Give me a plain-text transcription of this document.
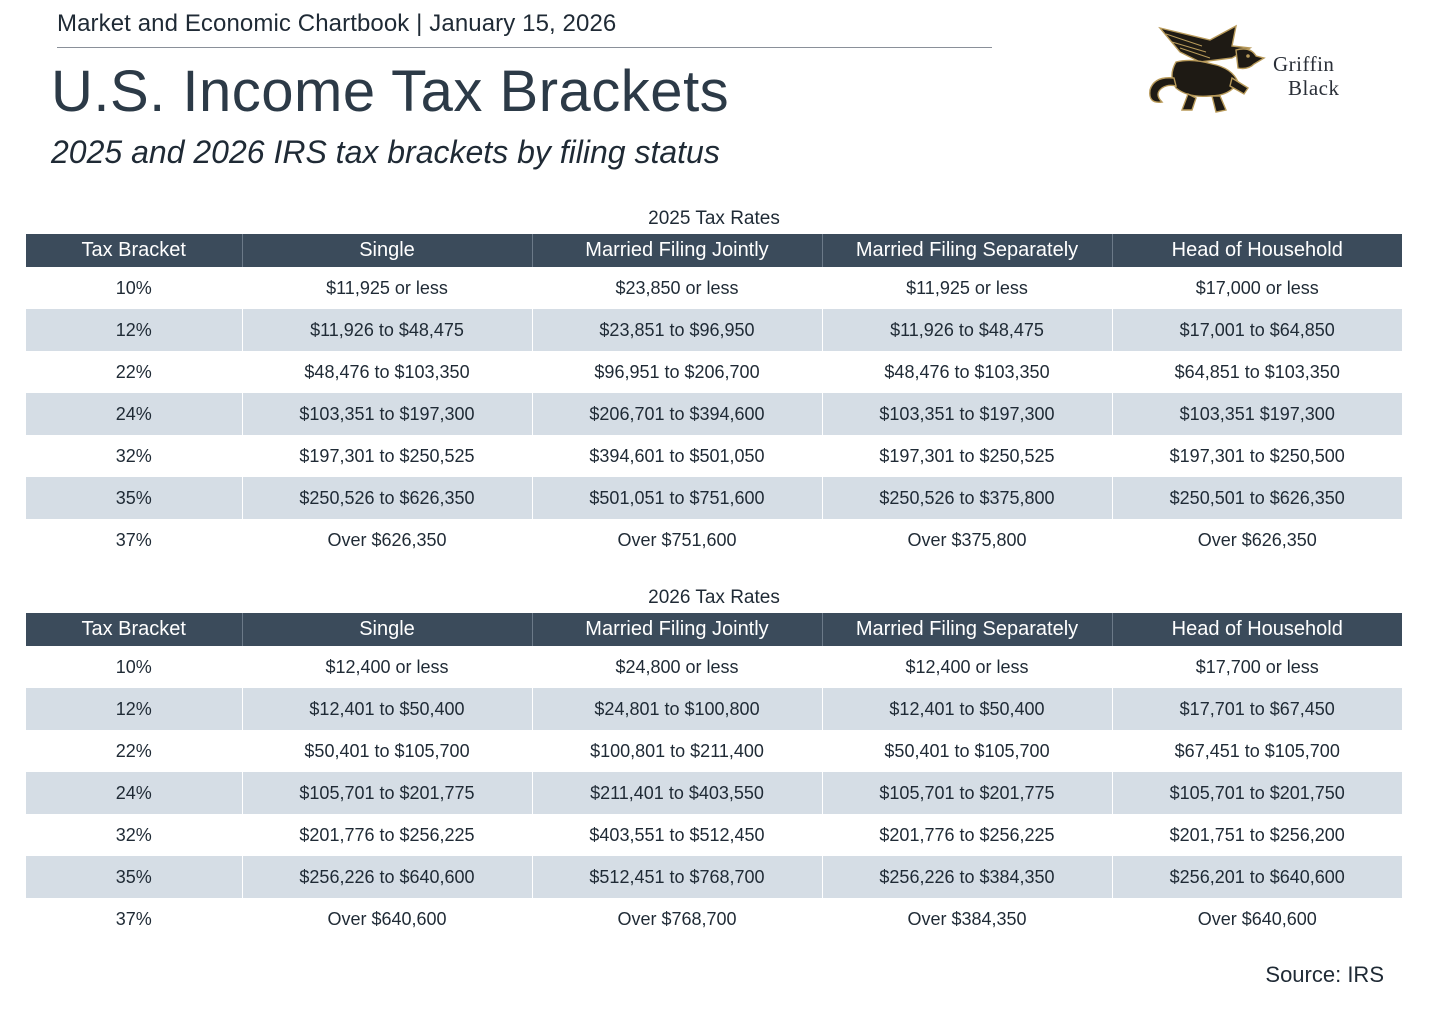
Market and Economic Chartbook | January 15, 2026
U.S. Income Tax Brackets
2025 and 2026 IRS tax brackets by filing status
Griffin
Black
2025 Tax Rates
Tax Bracket	Single	Married Filing Jointly	Married Filing Separately	Head of Household
10%	$11,925 or less	$23,850 or less	$11,925 or less	$17,000 or less
12%	$11,926 to $48,475	$23,851 to $96,950	$11,926 to $48,475	$17,001 to $64,850
22%	$48,476 to $103,350	$96,951 to $206,700	$48,476 to $103,350	$64,851 to $103,350
24%	$103,351 to $197,300	$206,701 to $394,600	$103,351 to $197,300	$103,351 $197,300
32%	$197,301 to $250,525	$394,601 to $501,050	$197,301 to $250,525	$197,301 to $250,500
35%	$250,526 to $626,350	$501,051 to $751,600	$250,526 to $375,800	$250,501 to $626,350
37%	Over $626,350	Over $751,600	Over $375,800	Over $626,350
2026 Tax Rates
Tax Bracket	Single	Married Filing Jointly	Married Filing Separately	Head of Household
10%	$12,400 or less	$24,800 or less	$12,400 or less	$17,700 or less
12%	$12,401 to $50,400	$24,801 to $100,800	$12,401 to $50,400	$17,701 to $67,450
22%	$50,401 to $105,700	$100,801 to $211,400	$50,401 to $105,700	$67,451 to $105,700
24%	$105,701 to $201,775	$211,401 to $403,550	$105,701 to $201,775	$105,701 to $201,750
32%	$201,776 to $256,225	$403,551 to $512,450	$201,776 to $256,225	$201,751 to $256,200
35%	$256,226 to $640,600	$512,451 to $768,700	$256,226 to $384,350	$256,201 to $640,600
37%	Over $640,600	Over $768,700	Over $384,350	Over $640,600
Source: IRS
